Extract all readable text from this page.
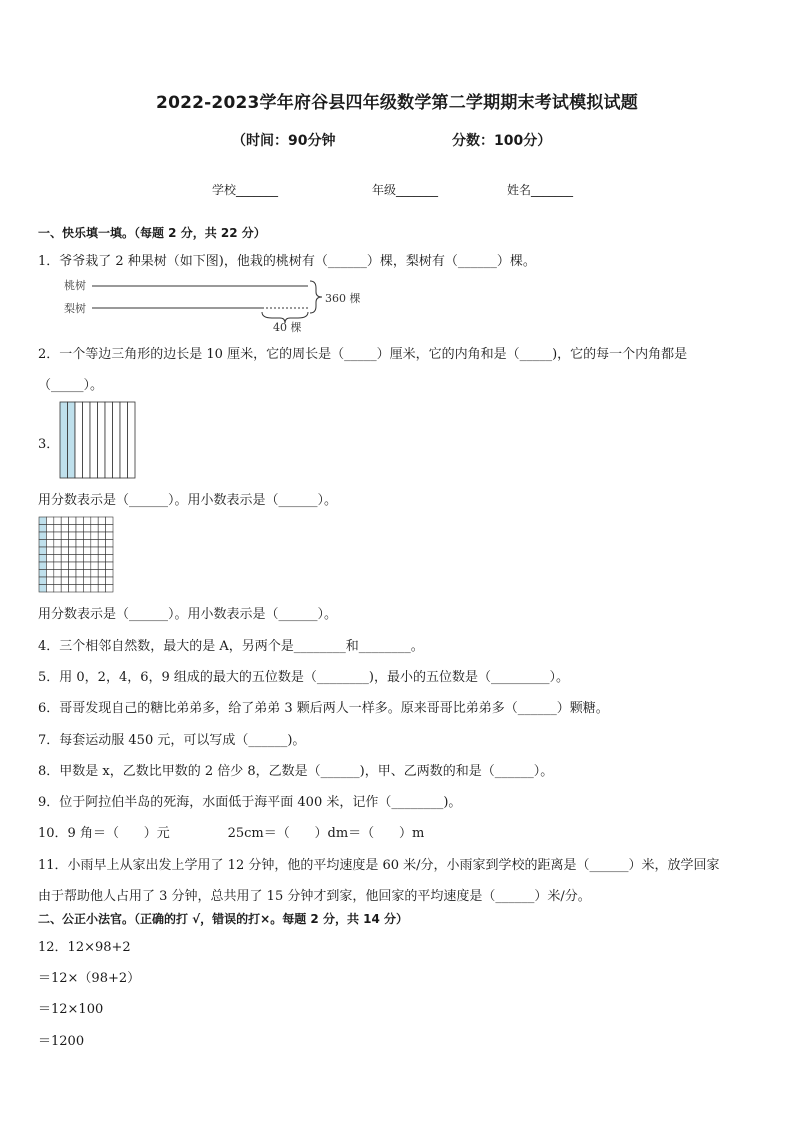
2022-2023学年府谷县四年级数学第二学期期末考试模拟试题
（时间：90分钟	分数：100分）
学校_______	年级_______	姓名_______
一、快乐填一填。（每题 2 分，共 22 分）
1．爷爷栽了 2 种果树（如下图)，他栽的桃树有（______）棵，梨树有（______）棵。
桃树
梨树
360 棵
40 棵
2．一个等边三角形的边长是 10 厘米，它的周长是（_____）厘米，它的内角和是（_____)，它的每一个内角都是
（_____）。
3．
用分数表示是（______）。用小数表示是（______）。
用分数表示是（______）。用小数表示是（______）。
4．三个相邻自然数，最大的是 A，另两个是________和________。
5．用 0，2，4，6，9 组成的最大的五位数是（________)，最小的五位数是（_________）。
6．哥哥发现自己的糖比弟弟多，给了弟弟 3 颗后两人一样多。原来哥哥比弟弟多（______）颗糖。
7．每套运动服 450 元，可以写成（______)。
8．甲数是 x，乙数比甲数的 2 倍少 8，乙数是（______)，甲、乙两数的和是（______）。
9．位于阿拉伯半岛的死海，水面低于海平面 400 米，记作（________)。
10．9 角＝（      ）元              25cm＝（      ）dm＝（      ）m
11．小雨早上从家出发上学用了 12 分钟，他的平均速度是 60 米/分，小雨家到学校的距离是（______）米，放学回家
由于帮助他人占用了 3 分钟，总共用了 15 分钟才到家，他回家的平均速度是（______）米/分。
二、公正小法官。（正确的打 √，错误的打×。每题 2 分，共 14 分）
12．12×98+2
＝12×（98+2）
＝12×100
＝1200
